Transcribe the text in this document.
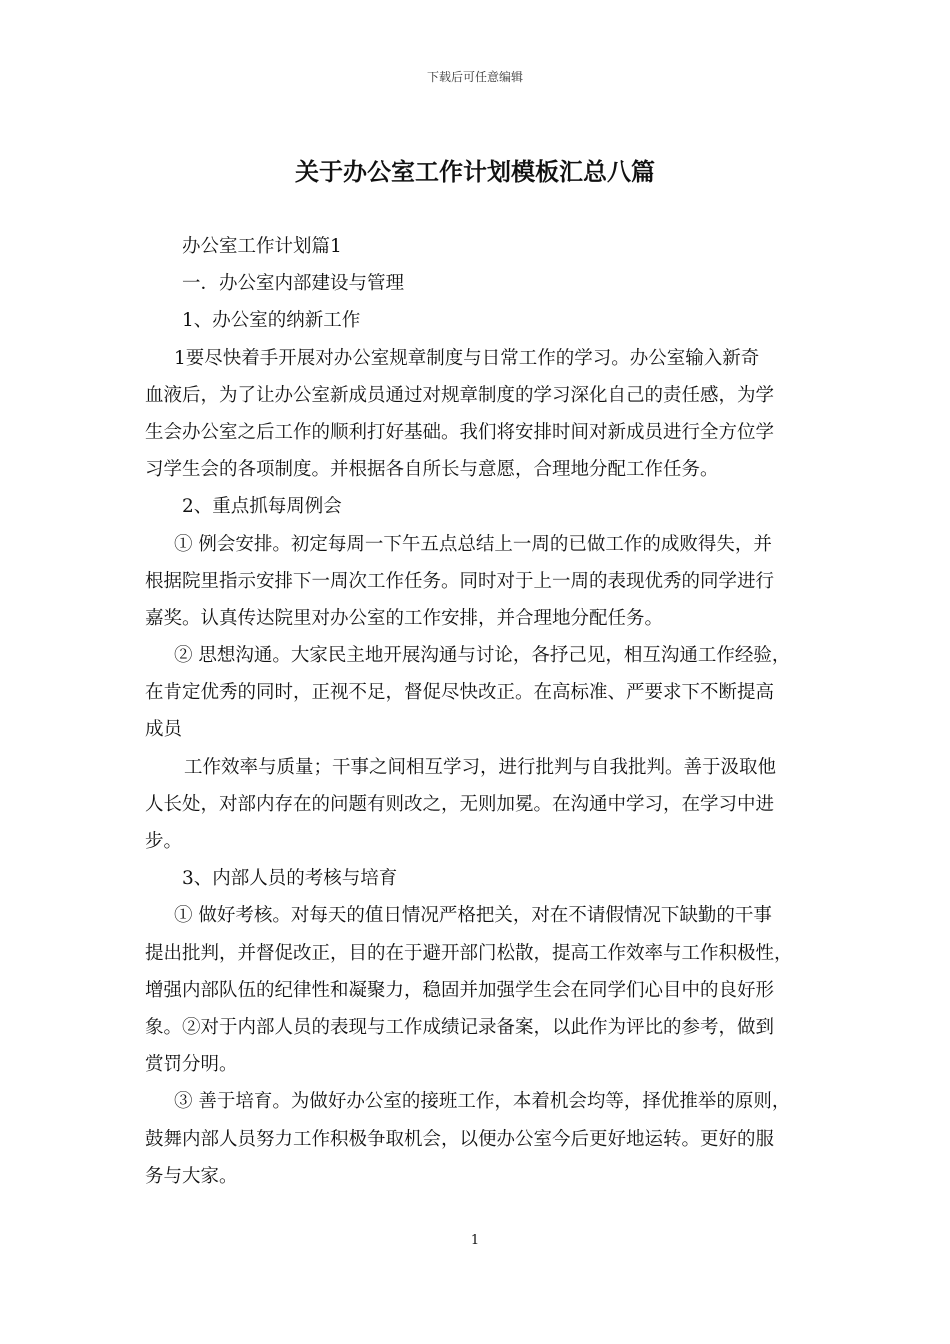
下载后可任意编辑
关于办公室工作计划模板汇总八篇
办公室工作计划篇1
一．办公室内部建设与管理
1、办公室的纳新工作
1要尽快着手开展对办公室规章制度与日常工作的学习。办公室输入新奇
血液后，为了让办公室新成员通过对规章制度的学习深化自己的责任感，为学
生会办公室之后工作的顺利打好基础。我们将安排时间对新成员进行全方位学
习学生会的各项制度。并根据各自所长与意愿，合理地分配工作任务。
2、重点抓每周例会
① 例会安排。初定每周一下午五点总结上一周的已做工作的成败得失，并
根据院里指示安排下一周次工作任务。同时对于上一周的表现优秀的同学进行
嘉奖。认真传达院里对办公室的工作安排，并合理地分配任务。
② 思想沟通。大家民主地开展沟通与讨论，各抒己见，相互沟通工作经验，
在肯定优秀的同时，正视不足，督促尽快改正。在高标准、严要求下不断提高
成员
工作效率与质量；干事之间相互学习，进行批判与自我批判。善于汲取他
人长处，对部内存在的问题有则改之，无则加冕。在沟通中学习，在学习中进
步。
3、内部人员的考核与培育
① 做好考核。对每天的值日情况严格把关，对在不请假情况下缺勤的干事
提出批判，并督促改正，目的在于避开部门松散，提高工作效率与工作积极性，
增强内部队伍的纪律性和凝聚力，稳固并加强学生会在同学们心目中的良好形
象。②对于内部人员的表现与工作成绩记录备案，以此作为评比的参考，做到
赏罚分明。
③ 善于培育。为做好办公室的接班工作，本着机会均等，择优推举的原则，
鼓舞内部人员努力工作积极争取机会，以便办公室今后更好地运转。更好的服
务与大家。
1
